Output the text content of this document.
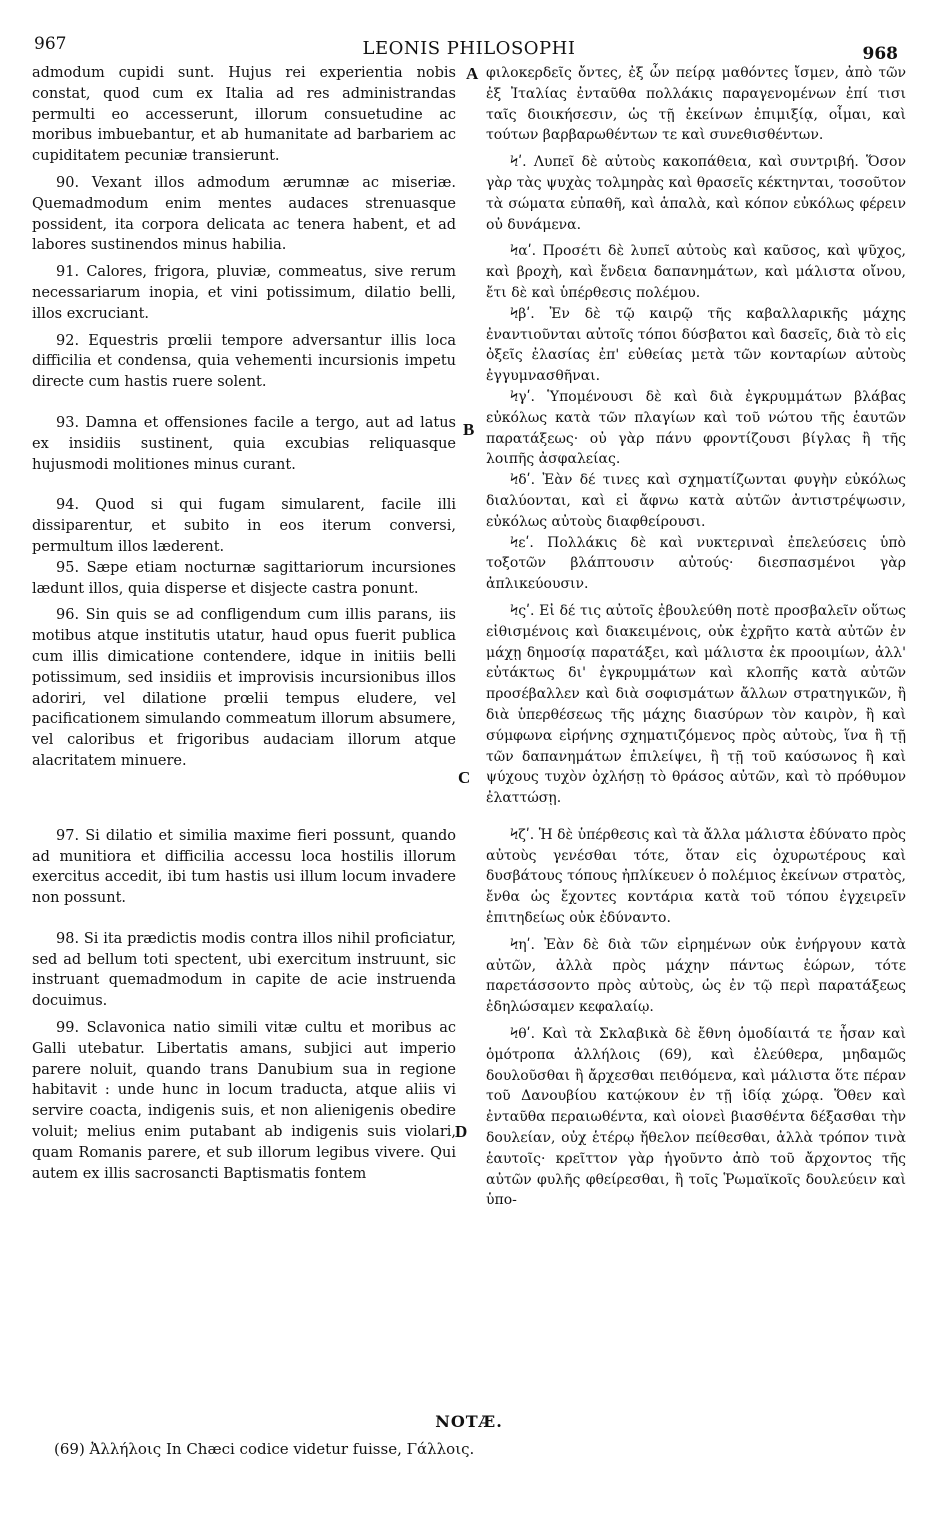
967	LEONIS PHILOSOPHI	968

admodum cupidi sunt. Hujus rei experientia nobis constat, quod cum ex Italia ad res administrandas permulti eo accesserunt, illorum consuetudine ac moribus imbuebantur, et ab humanitate ad barbariem ac cupiditatem pecuniæ transierunt.

90. Vexant illos admodum ærumnæ ac miseriæ. Quemadmodum enim mentes audaces strenuasque possident, ita corpora delicata ac tenera habent, et ad labores sustinendos minus habilia.

91. Calores, frigora, pluviæ, commeatus, sive rerum necessariarum inopia, et vini potissimum, dilatio belli, illos excruciant.

92. Equestris prœlii tempore adversantur illis loca difficilia et condensa, quia vehementi incursionis impetu directe cum hastis ruere solent.

93. Damna et offensiones facile a tergo, aut ad latus ex insidiis sustinent, quia excubias reliquasque hujusmodi molitiones minus curant.

94. Quod si qui fugam simularent, facile illi dissiparentur, et subito in eos iterum conversi, permultum illos læderent.

95. Sæpe etiam nocturnæ sagittariorum incursiones lædunt illos, quia disperse et disjecte castra ponunt.

96. Sin quis se ad confligendum cum illis parans, iis motibus atque institutis utatur, haud opus fuerit publica cum illis dimicatione contendere, idque in initiis belli potissimum, sed insidiis et improvisis incursionibus illos adoriri, vel dilatione prœlii tempus eludere, vel pacificationem simulando commeatum illorum absumere, vel caloribus et frigoribus audaciam illorum atque alacritatem minuere.

97. Si dilatio et similia maxime fieri possunt, quando ad munitiora et difficilia accessu loca hostilis illorum exercitus accedit, ibi tum hastis usi illum locum invadere non possunt.

98. Si ita prædictis modis contra illos nihil proficiatur, sed ad bellum toti spectent, ubi exercitum instruunt, sic instruant quemadmodum in capite de acie instruenda docuimus.

99. Sclavonica natio simili vitæ cultu et moribus ac Galli utebatur. Libertatis amans, subjici aut imperio parere noluit, quando trans Danubium sua in regione habitavit : unde hunc in locum traducta, atque aliis vi servire coacta, indigenis suis, et non alienigenis obedire voluit; melius enim putabant ab indigenis suis violari, quam Romanis parere, et sub illorum legibus vivere. Qui autem ex illis sacrosancti Baptismatis fontem

A
B
C
D

φιλοκερδεῖς ὄντες, ἐξ ὧν πείρᾳ μαθόντες ἴσμεν, ἀπὸ τῶν ἐξ Ἰταλίας ἐνταῦθα πολλάκις παραγενομένων ἐπί τισι ταῖς διοικήσεσιν, ὡς τῇ ἐκείνων ἐπιμιξίᾳ, οἶμαι, καὶ τούτων βαρβαρωθέντων τε καὶ συνεθισθέντων.

Ϟʹ. Λυπεῖ δὲ αὐτοὺς κακοπάθεια, καὶ συντριβή. Ὅσον γὰρ τὰς ψυχὰς τολμηρὰς καὶ θρασεῖς κέκτηνται, τοσοῦτον τὰ σώματα εὐπαθῆ, καὶ ἁπαλὰ, καὶ κόπον εὐκόλως φέρειν οὐ δυνάμενα.

Ϟαʹ. Προσέτι δὲ λυπεῖ αὐτοὺς καὶ καῦσος, καὶ ψῦχος, καὶ βροχὴ, καὶ ἔνδεια δαπανημάτων, καὶ μάλιστα οἴνου, ἔτι δὲ καὶ ὑπέρθεσις πολέμου.

Ϟβʹ. Ἐν δὲ τῷ καιρῷ τῆς καβαλλαρικῆς μάχης ἐναντιοῦνται αὐτοῖς τόποι δύσβατοι καὶ δασεῖς, διὰ τὸ εἰς ὀξεῖς ἐλασίας ἐπ' εὐθείας μετὰ τῶν κονταρίων αὐτοὺς ἐγγυμνασθῆναι.

Ϟγʹ. Ὑπομένουσι δὲ καὶ διὰ ἐγκρυμμάτων βλάβας εὐκόλως κατὰ τῶν πλαγίων καὶ τοῦ νώτου τῆς ἑαυτῶν παρατάξεως· οὐ γὰρ πάνυ φροντίζουσι βίγλας ἢ τῆς λοιπῆς ἀσφαλείας.

Ϟδʹ. Ἐὰν δέ τινες καὶ σχηματίζωνται φυγὴν εὐκόλως διαλύονται, καὶ εἰ ἄφνω κατὰ αὐτῶν ἀντιστρέψωσιν, εὐκόλως αὐτοὺς διαφθείρουσι.

Ϟεʹ. Πολλάκις δὲ καὶ νυκτεριναὶ ἐπελεύσεις ὑπὸ τοξοτῶν βλάπτουσιν αὐτούς· διεσπασμένοι γὰρ ἀπλικεύουσιν.

Ϟςʹ. Εἰ δέ τις αὐτοῖς ἐβουλεύθη ποτὲ προσβαλεῖν οὕτως εἰθισμένοις καὶ διακειμένοις, οὐκ ἐχρῆτο κατὰ αὐτῶν ἐν μάχῃ δημοσίᾳ παρατάξει, καὶ μάλιστα ἐκ προοιμίων, ἀλλ' εὐτάκτως δι' ἐγκρυμμάτων καὶ κλοπῆς κατὰ αὐτῶν προσέβαλλεν καὶ διὰ σοφισμάτων ἄλλων στρατηγικῶν, ἢ διὰ ὑπερθέσεως τῆς μάχης διασύρων τὸν καιρὸν, ἢ καὶ σύμφωνα εἰρήνης σχηματιζόμενος πρὸς αὐτοὺς, ἵνα ἢ τῇ τῶν δαπανημάτων ἐπιλείψει, ἢ τῇ τοῦ καύσωνος ἢ καὶ ψύχους τυχὸν ὀχλήσῃ τὸ θράσος αὐτῶν, καὶ τὸ πρόθυμον ἐλαττώσῃ.

Ϟζʹ. Ἡ δὲ ὑπέρθεσις καὶ τὰ ἄλλα μάλιστα ἐδύνατο πρὸς αὐτοὺς γενέσθαι τότε, ὅταν εἰς ὀχυρωτέρους καὶ δυσβάτους τόπους ἠπλίκευεν ὁ πολέμιος ἐκείνων στρατὸς, ἔνθα ὡς ἔχοντες κοντάρια κατὰ τοῦ τόπου ἐγχειρεῖν ἐπιτηδείως οὐκ ἐδύναντο.

Ϟηʹ. Ἐὰν δὲ διὰ τῶν εἰρημένων οὐκ ἐνήργουν κατὰ αὐτῶν, ἀλλὰ πρὸς μάχην πάντως ἑώρων, τότε παρετάσσοντο πρὸς αὐτοὺς, ὡς ἐν τῷ περὶ παρατάξεως ἐδηλώσαμεν κεφαλαίῳ.

Ϟθʹ. Καὶ τὰ Σκλαβικὰ δὲ ἔθνη ὁμοδίαιτά τε ἦσαν καὶ ὁμότροπα ἀλλήλοις (69), καὶ ἐλεύθερα, μηδαμῶς δουλοῦσθαι ἢ ἄρχεσθαι πειθόμενα, καὶ μάλιστα ὅτε πέραν τοῦ Δανουβίου κατῴκουν ἐν τῇ ἰδίᾳ χώρᾳ. Ὅθεν καὶ ἐνταῦθα περαιωθέντα, καὶ οἱονεὶ βιασθέντα δέξασθαι τὴν δουλείαν, οὐχ ἑτέρῳ ἤθελον πείθεσθαι, ἀλλὰ τρόπον τινὰ ἑαυτοῖς· κρεῖττον γὰρ ἡγοῦντο ἀπὸ τοῦ ἄρχοντος τῆς αὐτῶν φυλῆς φθείρεσθαι, ἢ τοῖς Ῥωμαϊκοῖς δουλεύειν καὶ ὑπο-

NOTÆ.
(69) Ἀλλήλοις In Chæci codice videtur fuisse, Γάλλοις.
